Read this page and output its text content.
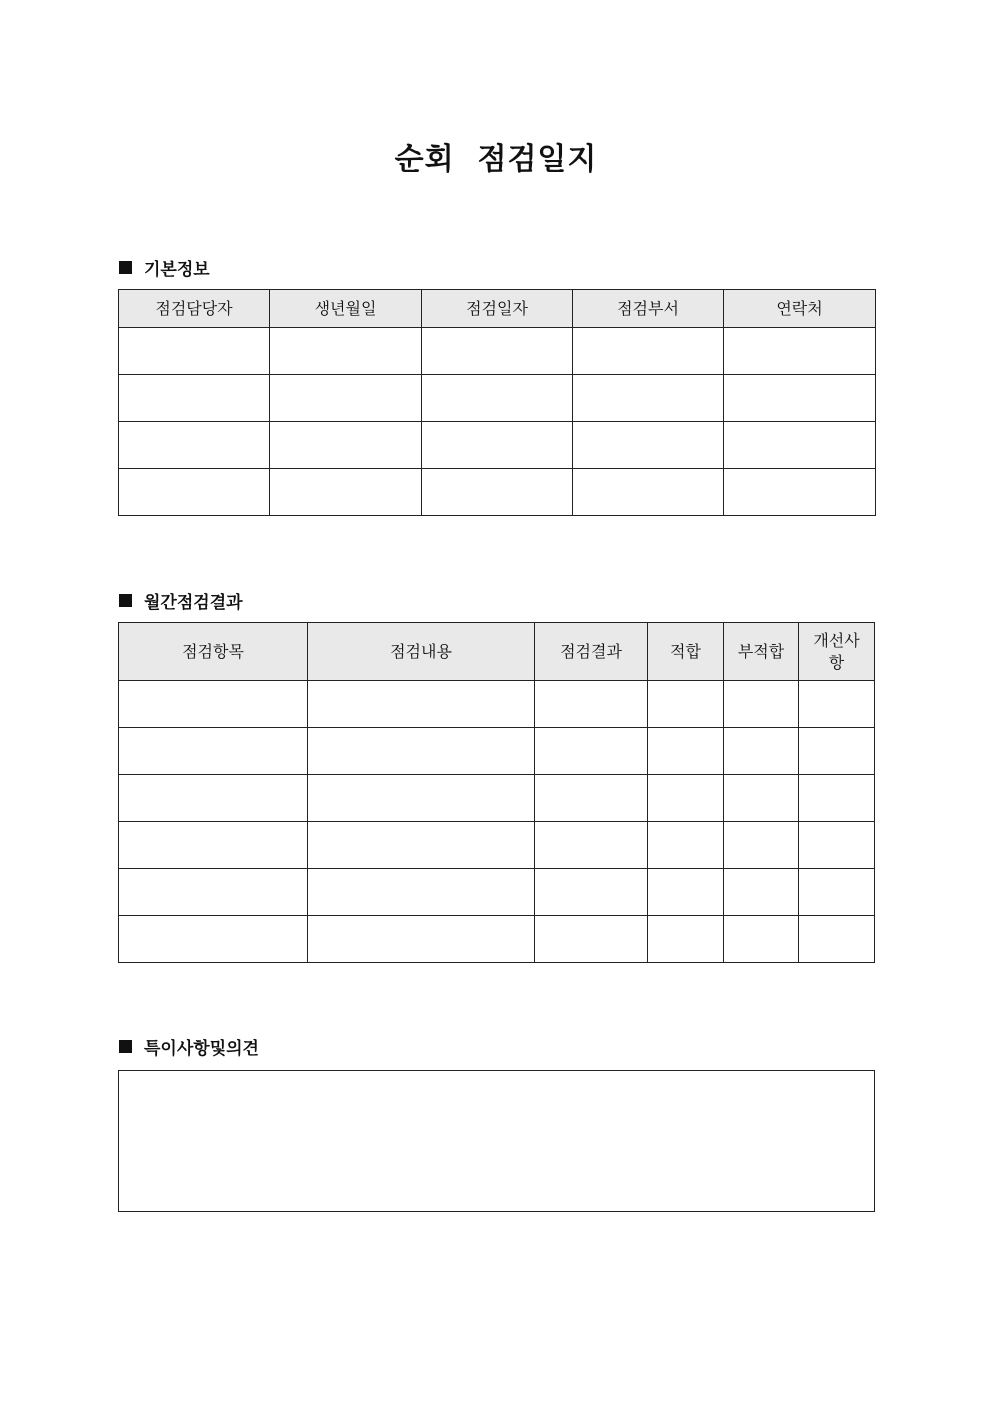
순회  점검일지
기본정보
점검담당자	생년월일	점검일자	점검부서	연락처

월간점검결과
점검항목	점검내용	점검결과	적합	부적합	개선사항

특이사항및의견
